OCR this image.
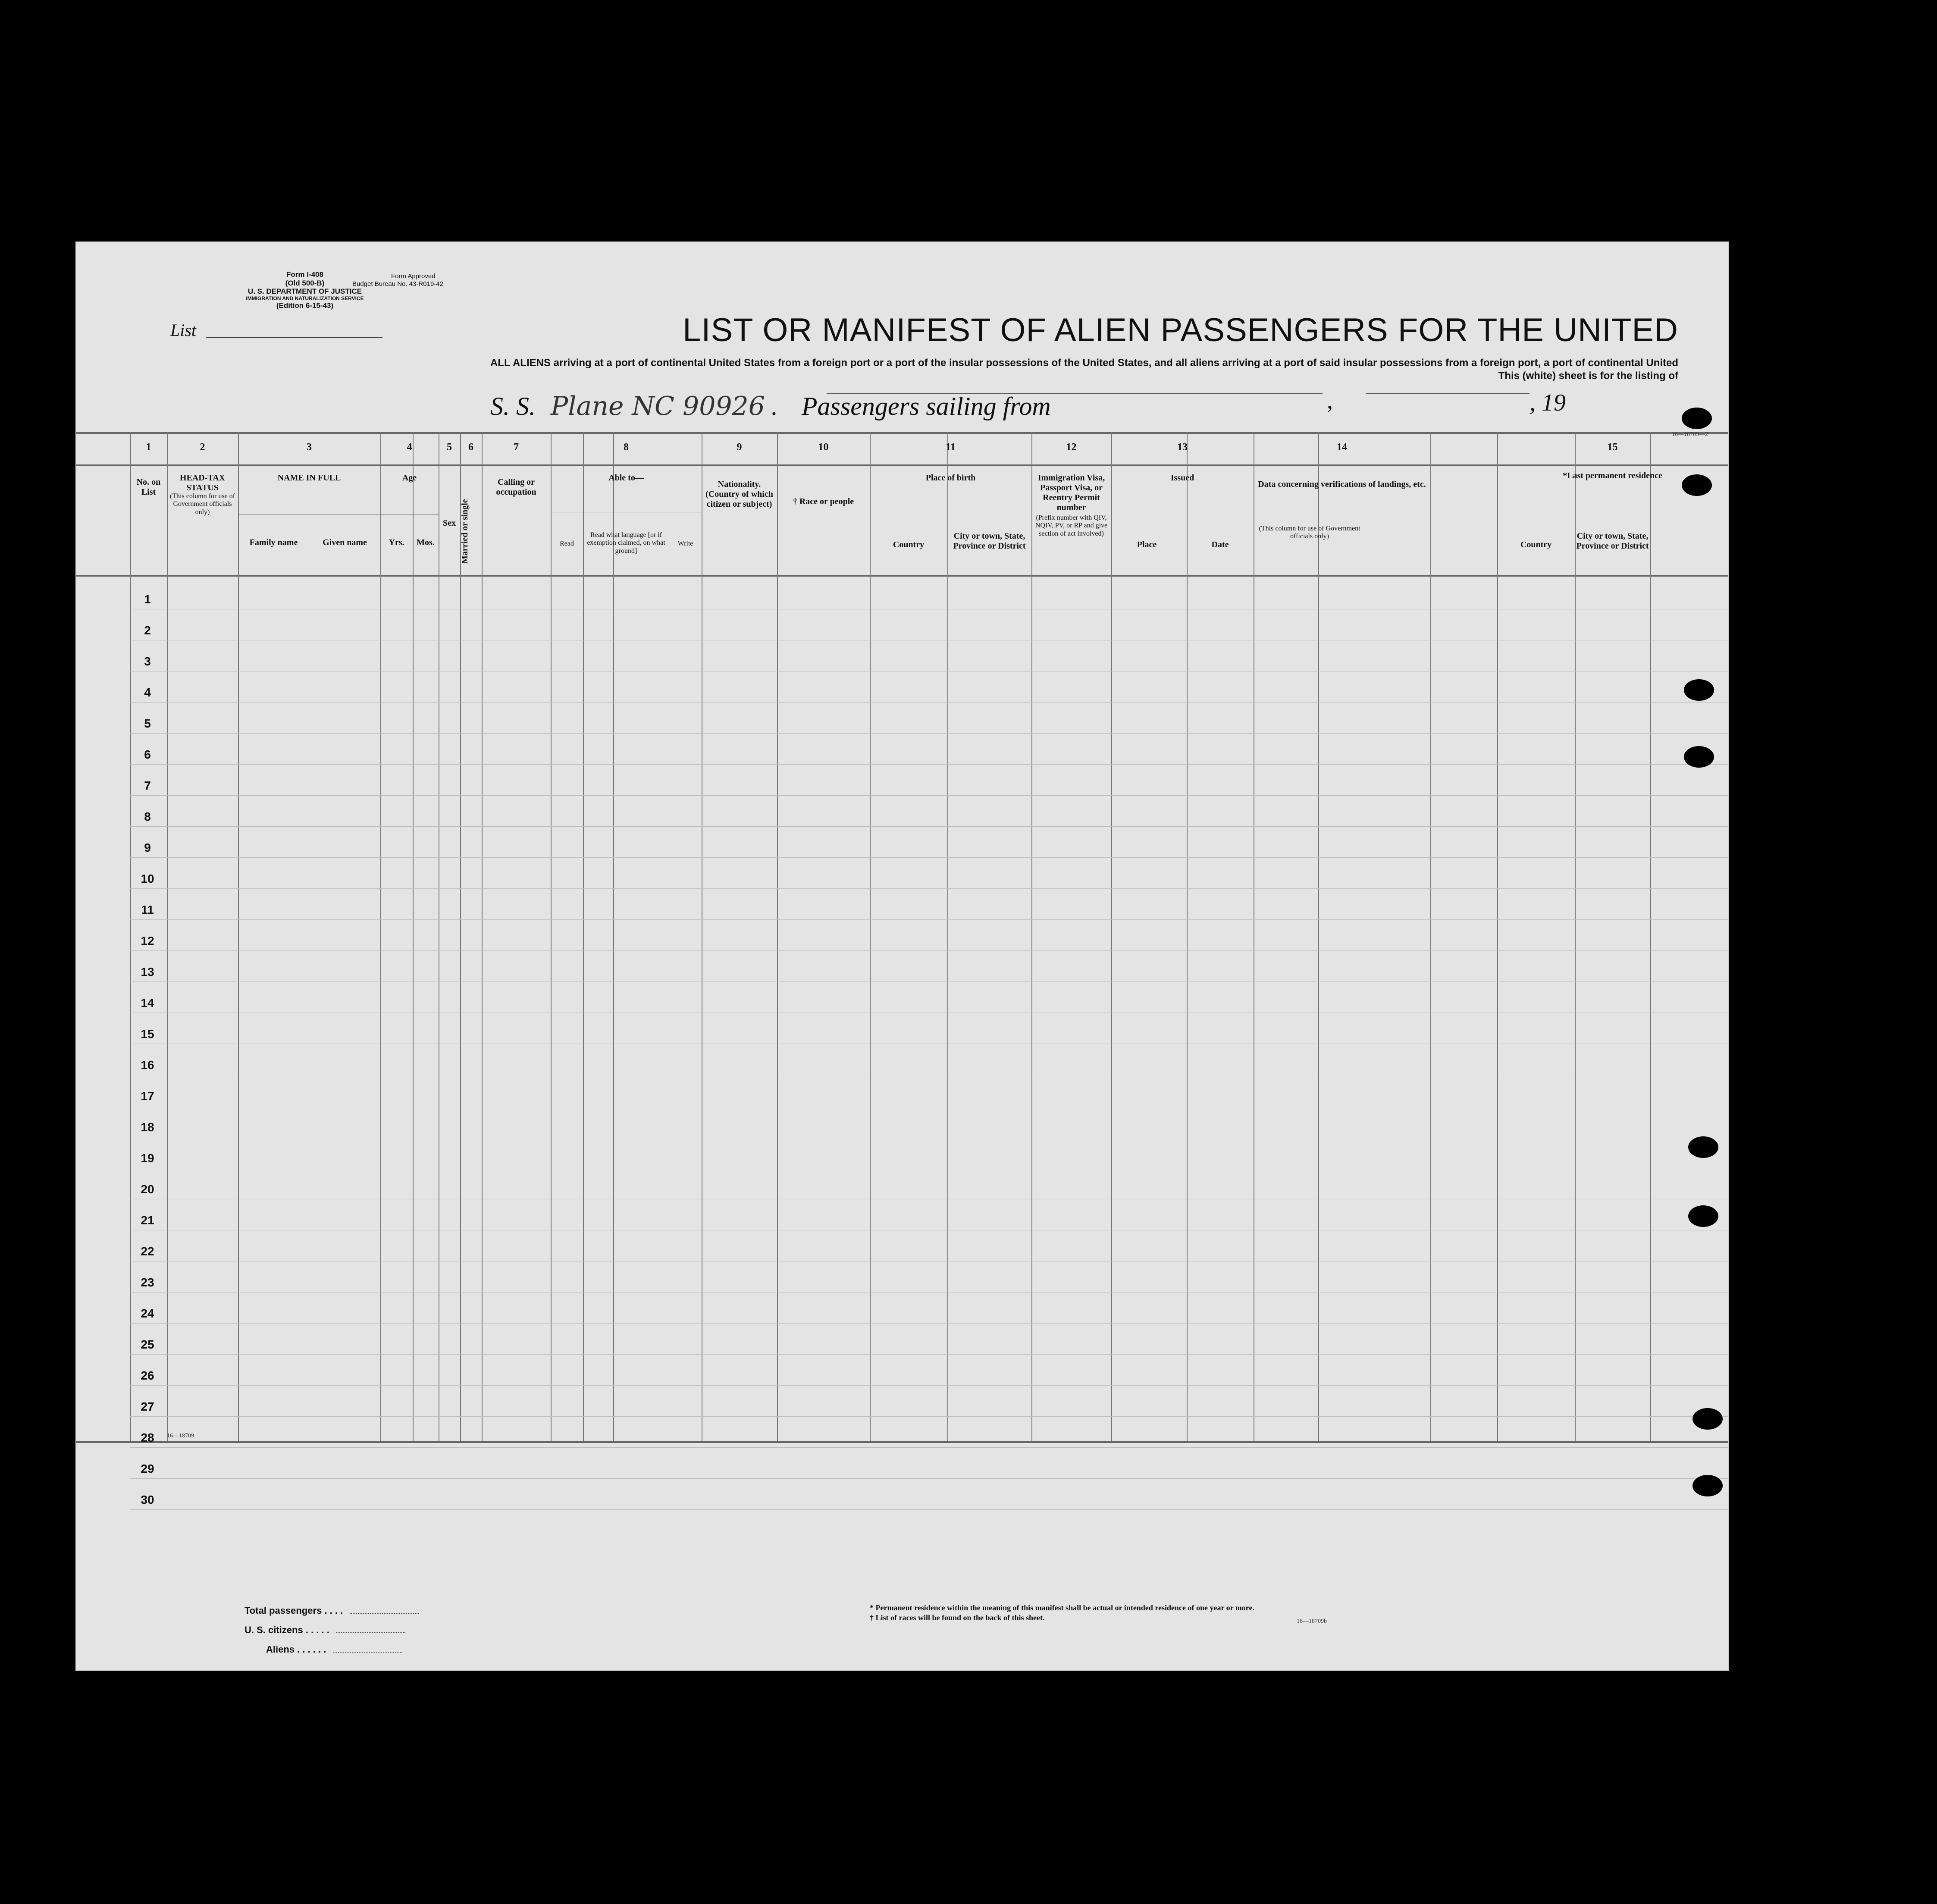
Form I-408
(Old 500-B)
U. S. DEPARTMENT OF JUSTICE
IMMIGRATION AND NATURALIZATION SERVICE
(Edition 6-15-43)
Form Approved
Budget Bureau No. 43-R019-42
List	LIST OR MANIFEST OF ALIEN PASSENGERS FOR THE UNITED
ALL ALIENS arriving at a port of continental United States from a foreign port or a port of the insular possessions of the United States, and all aliens arriving at a port of said insular possessions from a foreign port, a port of continental United
This (white) sheet is for the listing of
S. S. Plane NC 90926 . Passengers sailing from	,	, 19
1	2	3	4	5	6	7	8	9	10	11	12	13	14	15
No. on List
HEAD-TAX STATUS
(This column for use of Government officials only)
NAME IN FULL
Family name	Given name
Age
Yrs.	Mos.
Sex Married or single
Calling or occupation
Able to—
Read
Read what language [or if exemption claimed, on what ground]
Write
Nationality. (Country of which citizen or subject)	† Race or people
Place of birth
Country
City or town, State, Province or District
Immigration Visa, Passport Visa, or Reentry Permit number
(Prefix number with QIV, NQIV, PV, or RP and give section of act involved)
Issued
Place	Date
Data concerning verifications of landings, etc.
(This column for use of Government officials only)
*Last permanent residence
Country
City or town, State, Province or District
1
2
3
4
5
6
7
8
9
10
11
12
13
14
15
16
17
18
19
20
21
22
23
24
25
26
27
28
29
30
16—18709
Total passengers . . . .
U. S. citizens . . . . .
Aliens . . . . . .
* Permanent residence within the meaning of this manifest shall be actual or intended residence of one year or more.
† List of races will be found on the back of this sheet.	16—18709b
16—18709—2
